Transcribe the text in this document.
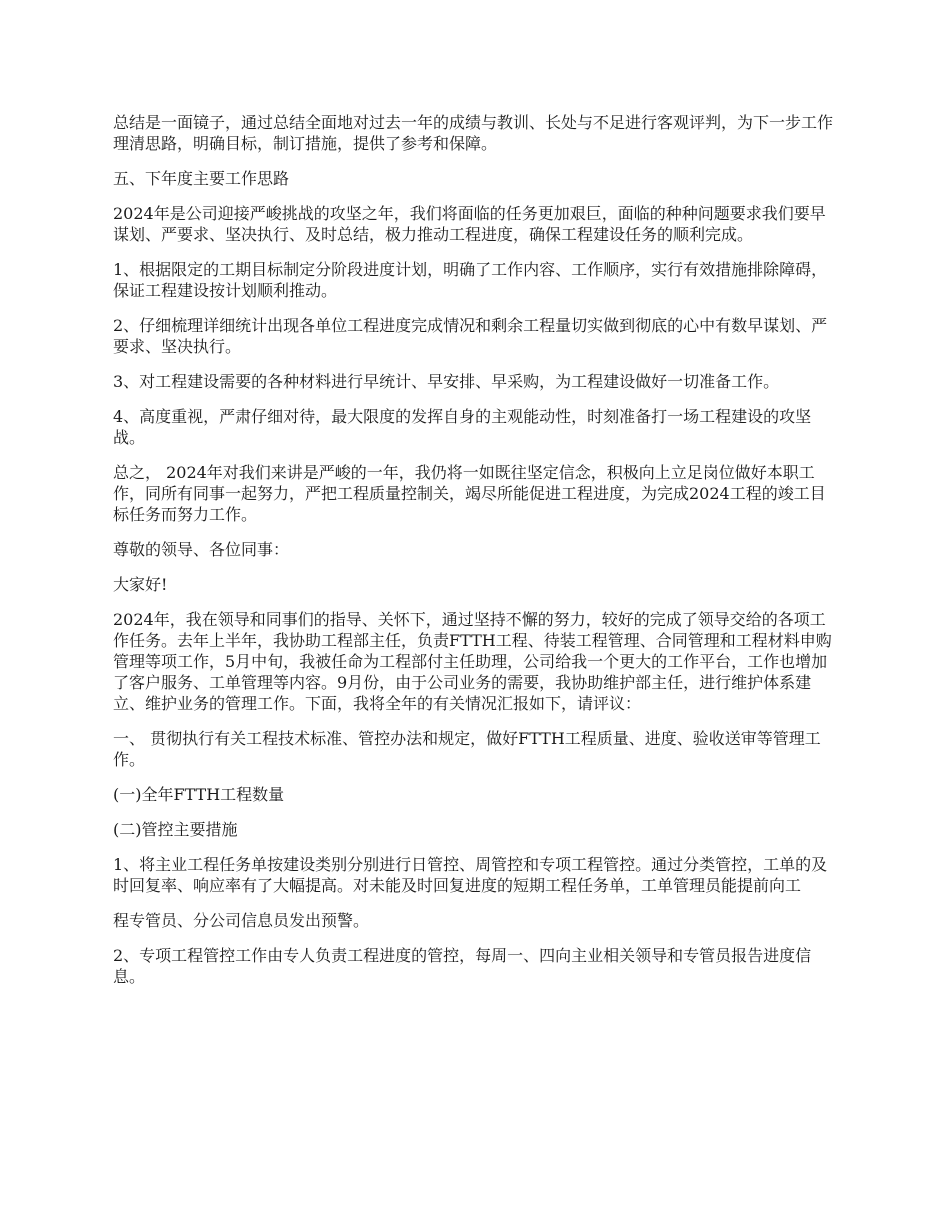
总结是一面镜子，通过总结全面地对过去一年的成绩与教训、长处与不足进行客观评判，为下一步工作理清思路，明确目标，制订措施，提供了参考和保障。

五、下年度主要工作思路

2024年是公司迎接严峻挑战的攻坚之年，我们将面临的任务更加艰巨，面临的种种问题要求我们要早谋划、严要求、坚决执行、及时总结，极力推动工程进度，确保工程建设任务的顺利完成。

1、根据限定的工期目标制定分阶段进度计划，明确了工作内容、工作顺序，实行有效措施排除障碍，保证工程建设按计划顺利推动。

2、仔细梳理详细统计出现各单位工程进度完成情况和剩余工程量切实做到彻底的心中有数早谋划、严要求、坚决执行。

3、对工程建设需要的各种材料进行早统计、早安排、早采购，为工程建设做好一切准备工作。

4、高度重视，严肃仔细对待，最大限度的发挥自身的主观能动性，时刻准备打一场工程建设的攻坚战。

总之， 2024年对我们来讲是严峻的一年，我仍将一如既往坚定信念，积极向上立足岗位做好本职工作，同所有同事一起努力，严把工程质量控制关，竭尽所能促进工程进度，为完成2024工程的竣工目标任务而努力工作。

尊敬的领导、各位同事：

大家好!

2024年，我在领导和同事们的指导、关怀下，通过坚持不懈的努力，较好的完成了领导交给的各项工作任务。去年上半年，我协助工程部主任，负责FTTH工程、待装工程管理、合同管理和工程材料申购管理等项工作，5月中旬，我被任命为工程部付主任助理，公司给我一个更大的工作平台，工作也增加了客户服务、工单管理等内容。9月份，由于公司业务的需要，我协助维护部主任，进行维护体系建立、维护业务的管理工作。下面，我将全年的有关情况汇报如下，请评议：

一、 贯彻执行有关工程技术标准、管控办法和规定，做好FTTH工程质量、进度、验收送审等管理工作。

(一)全年FTTH工程数量

(二)管控主要措施

1、将主业工程任务单按建设类别分别进行日管控、周管控和专项工程管控。通过分类管控，工单的及时回复率、响应率有了大幅提高。对未能及时回复进度的短期工程任务单，工单管理员能提前向工

程专管员、分公司信息员发出预警。

2、专项工程管控工作由专人负责工程进度的管控，每周一、四向主业相关领导和专管员报告进度信息。
